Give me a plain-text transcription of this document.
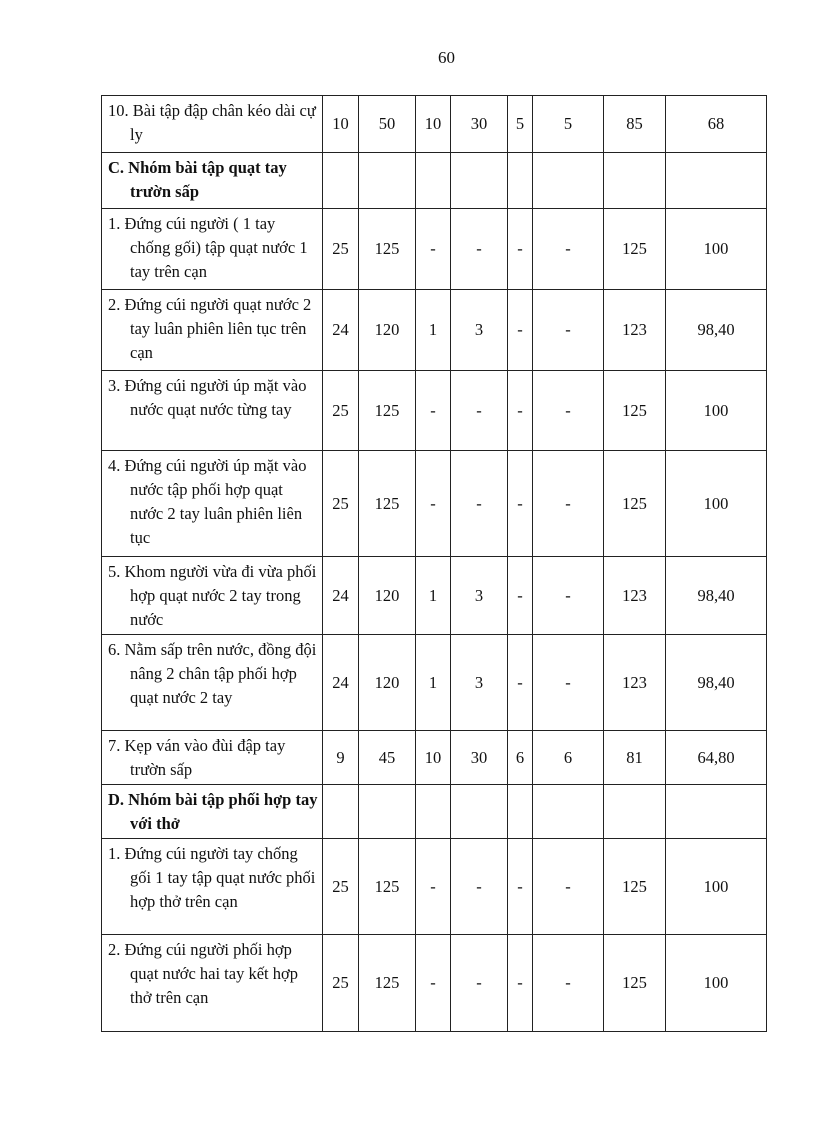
60
10. Bài tập đập chân kéo dài cự ly	10	50	10	30	5	5	85	68

C. Nhóm bài tập quạt tay trườn sấp								

1. Đứng cúi người ( 1 tay chống gối) tập quạt nước 1 tay trên cạn	25	125	-	-	-	-	125	100

2. Đứng cúi người quạt nước 2 tay luân phiên liên tục trên cạn	24	120	1	3	-	-	123	98,40

3. Đứng cúi người úp mặt vào nước quạt nước từng tay	25	125	-	-	-	-	125	100

4. Đứng cúi người úp mặt vào nước tập phối hợp quạt nước 2 tay luân phiên liên tục	25	125	-	-	-	-	125	100

5. Khom người vừa đi vừa phối hợp quạt nước 2 tay trong nước	24	120	1	3	-	-	123	98,40

6. Nằm sấp trên nước, đồng đội nâng 2 chân tập phối hợp quạt nước 2 tay	24	120	1	3	-	-	123	98,40

7. Kẹp ván vào đùi đập tay trườn sấp	9	45	10	30	6	6	81	64,80

D. Nhóm bài tập phối hợp tay với thở								

1. Đứng cúi người tay chống gối 1 tay tập quạt nước phối hợp thở trên cạn	25	125	-	-	-	-	125	100

2. Đứng cúi người phối hợp quạt nước hai tay kết hợp thở trên cạn	25	125	-	-	-	-	125	100
